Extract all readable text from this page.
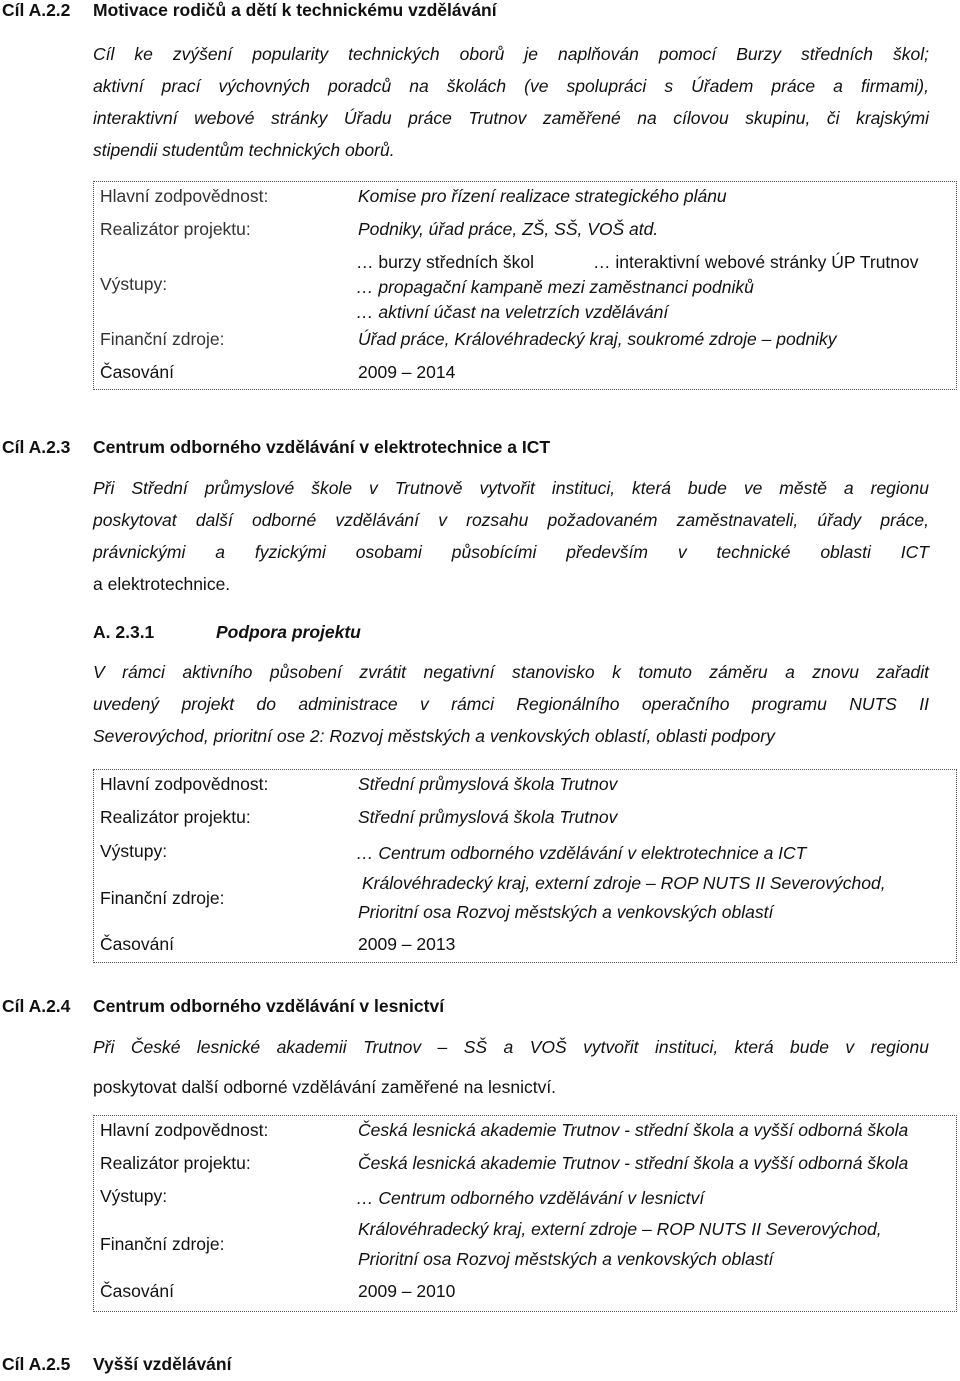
Cíl A.2.2 Motivace rodičů a dětí k technickému vzdělávání
Cíl ke zvýšení popularity technických oborů je naplňován pomocí Burzy středních škol;
aktivní prací výchovných poradců na školách (ve spolupráci s Úřadem práce a firmami),
interaktivní webové stránky Úřadu práce Trutnov zaměřené na cílovou skupinu, či krajskými
stipendii studentům technických oborů.
Hlavní zodpovědnost:	Komise pro řízení realizace strategického plánu
Realizátor projektu:	Podniky, úřad práce, ZŠ, SŠ, VOŠ atd.
Výstupy:
… burzy středních škol	… interaktivní webové stránky ÚP Trutnov
… propagační kampaně mezi zaměstnanci podniků
… aktivní účast na veletrzích vzdělávání
Finanční zdroje:	Úřad práce, Královéhradecký kraj, soukromé zdroje – podniky
Časování	2009 – 2014
Cíl A.2.3 Centrum odborného vzdělávání v elektrotechnice a ICT
Při Střední průmyslové škole v Trutnově vytvořit instituci, která bude ve městě a regionu
poskytovat další odborné vzdělávání v rozsahu požadovaném zaměstnavateli, úřady práce,
právnickými a fyzickými osobami působícími především v technické oblasti ICT
a elektrotechnice.
A. 2.3.1	Podpora projektu
V rámci aktivního působení zvrátit negativní stanovisko k tomuto záměru a znovu zařadit
uvedený projekt do administrace v rámci Regionálního operačního programu NUTS II
Severovýchod, prioritní ose 2: Rozvoj městských a venkovských oblastí, oblasti podpory
Hlavní zodpovědnost:	Střední průmyslová škola Trutnov
Realizátor projektu:	Střední průmyslová škola Trutnov
Výstupy:	… Centrum odborného vzdělávání v elektrotechnice a ICT
Finanční zdroje:
Královéhradecký kraj, externí zdroje – ROP NUTS II Severovýchod,
Prioritní osa Rozvoj městských a venkovských oblastí
Časování	2009 – 2013
Cíl A.2.4 Centrum odborného vzdělávání v lesnictví
Při České lesnické akademii Trutnov – SŠ a VOŠ vytvořit instituci, která bude v regionu
poskytovat další odborné vzdělávání zaměřené na lesnictví.
Hlavní zodpovědnost:	Česká lesnická akademie Trutnov - střední škola a vyšší odborná škola
Realizátor projektu:	Česká lesnická akademie Trutnov - střední škola a vyšší odborná škola
Výstupy:	… Centrum odborného vzdělávání v lesnictví
Finanční zdroje:
Královéhradecký kraj, externí zdroje – ROP NUTS II Severovýchod,
Prioritní osa Rozvoj městských a venkovských oblastí
Časování	2009 – 2010
Cíl A.2.5 Vyšší vzdělávání
